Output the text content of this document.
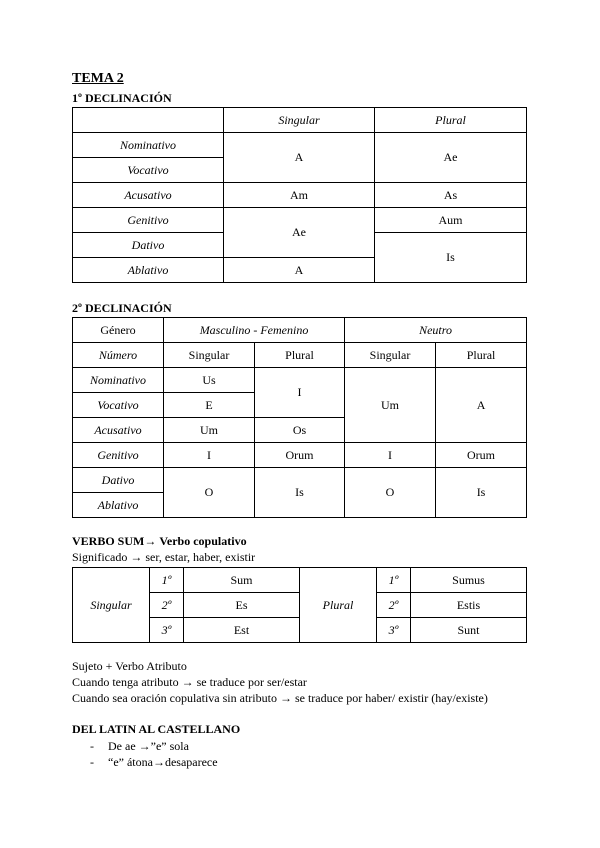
TEMA 2
1º DECLINACIÓN
	Singular	Plural
Nominativo	A	Ae
Vocativo		
Acusativo	Am	As
Genitivo	Ae	Aum
Dativo		Is
Ablativo	A	
2º DECLINACIÓN
Género	Masculino - Femenino		Neutro	
Número	Singular	Plural	Singular	Plural
Nominativo	Us	I	Um	A
Vocativo	E			
Acusativo	Um	Os		
Genitivo	I	Orum	I	Orum
Dativo	O	Is	O	Is
Ablativo				
VERBO SUM→ Verbo copulativo
Significado → ser, estar, haber, existir
Singular	1º	Sum	Plural	1º	Sumus
	2º	Es		2º	Estis
	3º	Est		3º	Sunt
Sujeto + Verbo Atributo
Cuando tenga atributo → se traduce por ser/estar
Cuando sea oración copulativa sin atributo → se traduce por haber/ existir (hay/existe)
DEL LATIN AL CASTELLANO
- De ae →”e” sola
- “e” átona→desaparece
